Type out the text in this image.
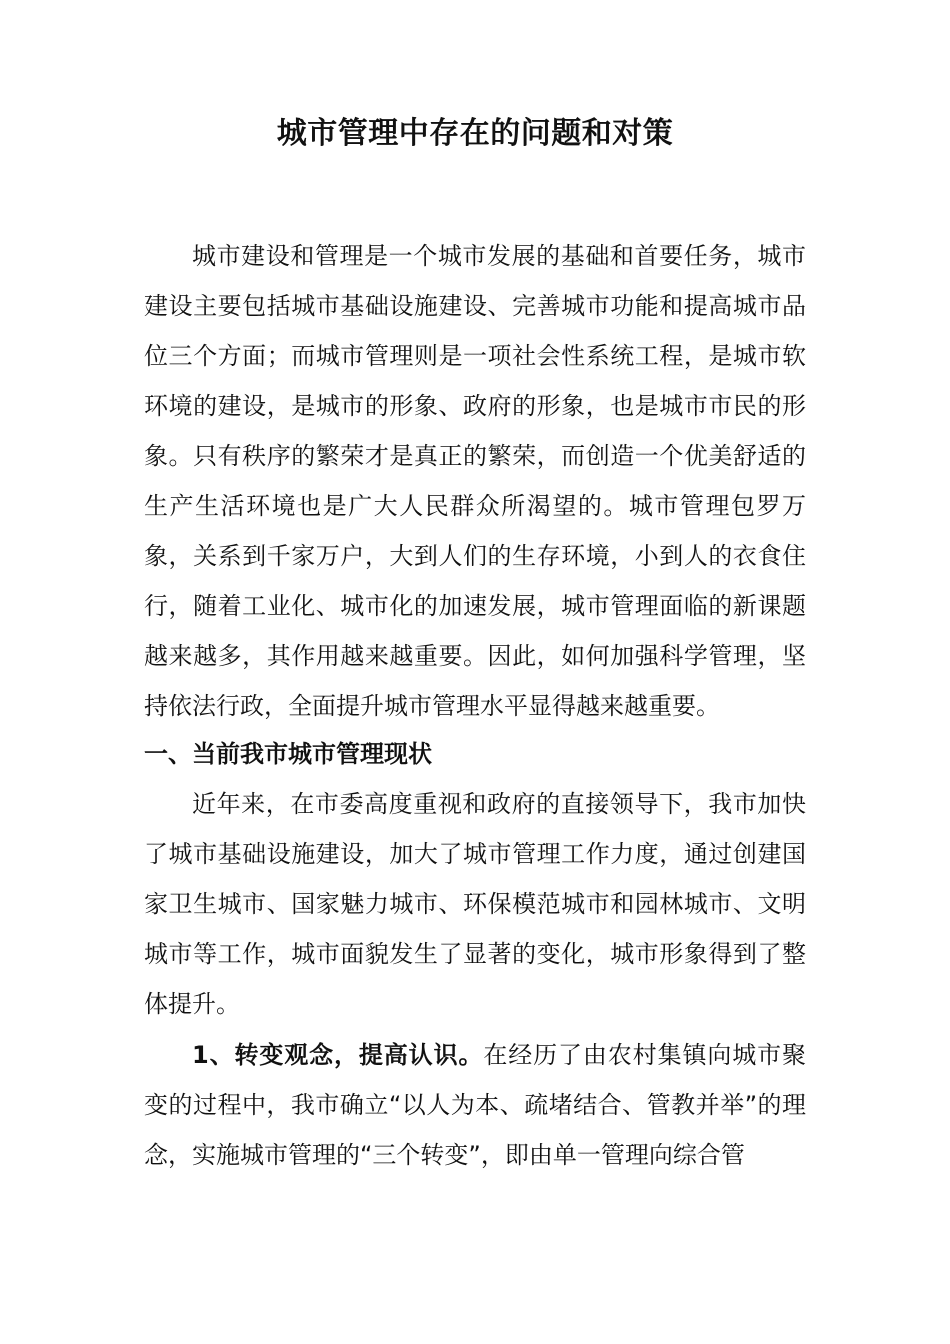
城市管理中存在的问题和对策

城市建设和管理是一个城市发展的基础和首要任务，城市建设主要包括城市基础设施建设、完善城市功能和提高城市品位三个方面；而城市管理则是一项社会性系统工程，是城市软环境的建设，是城市的形象、政府的形象，也是城市市民的形象。只有秩序的繁荣才是真正的繁荣，而创造一个优美舒适的生产生活环境也是广大人民群众所渴望的。城市管理包罗万象，关系到千家万户，大到人们的生存环境，小到人的衣食住行，随着工业化、城市化的加速发展，城市管理面临的新课题越来越多，其作用越来越重要。因此，如何加强科学管理，坚持依法行政，全面提升城市管理水平显得越来越重要。

一、当前我市城市管理现状

近年来，在市委高度重视和政府的直接领导下，我市加快了城市基础设施建设，加大了城市管理工作力度，通过创建国家卫生城市、国家魅力城市、环保模范城市和园林城市、文明城市等工作，城市面貌发生了显著的变化，城市形象得到了整体提升。

1、转变观念，提高认识。在经历了由农村集镇向城市聚变的过程中，我市确立“以人为本、疏堵结合、管教并举”的理念，实施城市管理的“三个转变”，即由单一管理向综合管
